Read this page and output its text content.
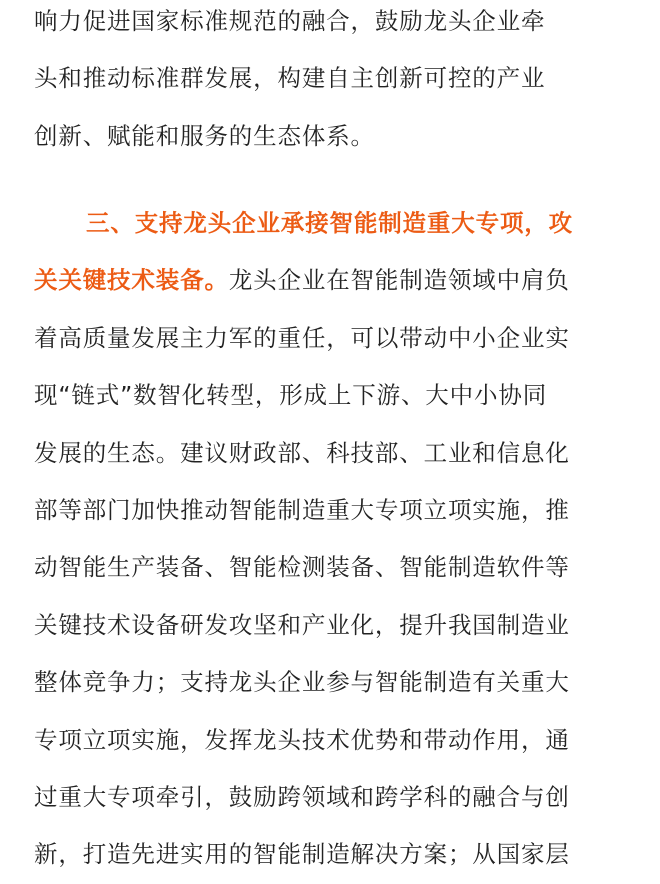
响力促进国家标准规范的融合，鼓励龙头企业牵
头和推动标准群发展，构建自主创新可控的产业
创新、赋能和服务的生态体系。
三、支持龙头企业承接智能制造重大专项，攻
关关键技术装备。龙头企业在智能制造领域中肩负
着高质量发展主力军的重任，可以带动中小企业实
现“链式”数智化转型，形成上下游、大中小协同
发展的生态。建议财政部、科技部、工业和信息化
部等部门加快推动智能制造重大专项立项实施，推
动智能生产装备、智能检测装备、智能制造软件等
关键技术设备研发攻坚和产业化，提升我国制造业
整体竞争力；支持龙头企业参与智能制造有关重大
专项立项实施，发挥龙头技术优势和带动作用，通
过重大专项牵引，鼓励跨领域和跨学科的融合与创
新，打造先进实用的智能制造解决方案；从国家层
